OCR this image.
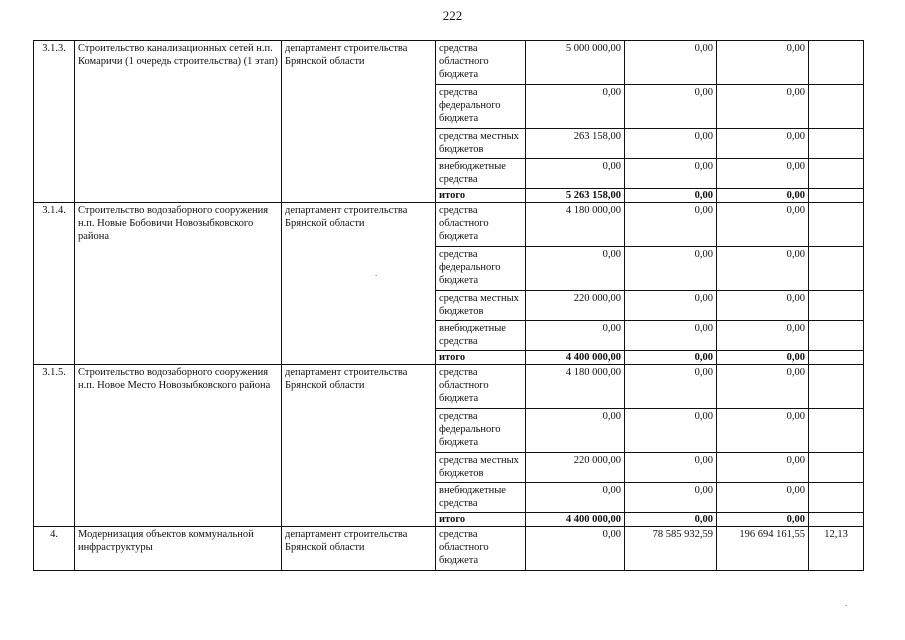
222
3.1.3.	Строительство канализационных сетей н.п. Комаричи (1 очередь строительства) (1 этап)	департамент строительства Брянской области	средства областного бюджета	5 000 000,00	0,00	0,00	
			средства федерального бюджета	0,00	0,00	0,00	
			средства местных бюджетов	263 158,00	0,00	0,00	
			внебюджетные средства	0,00	0,00	0,00	
			итого	5 263 158,00	0,00	0,00	
3.1.4.	Строительство водозаборного сооружения н.п. Новые Бобовичи Новозыбковского района	департамент строительства Брянской области	средства областного бюджета	4 180 000,00	0,00	0,00	
			средства федерального бюджета	0,00	0,00	0,00	
			средства местных бюджетов	220 000,00	0,00	0,00	
			внебюджетные средства	0,00	0,00	0,00	
			итого	4 400 000,00	0,00	0,00	
3.1.5.	Строительство водозаборного сооружения н.п. Новое Место Новозыбковского района	департамент строительства Брянской области	средства областного бюджета	4 180 000,00	0,00	0,00	
			средства федерального бюджета	0,00	0,00	0,00	
			средства местных бюджетов	220 000,00	0,00	0,00	
			внебюджетные средства	0,00	0,00	0,00	
			итого	4 400 000,00	0,00	0,00	
4.	Модернизация объектов коммунальной инфраструктуры	департамент строительства Брянской области	средства областного бюджета	0,00	78 585 932,59	196 694 161,55	12,13
.
.
